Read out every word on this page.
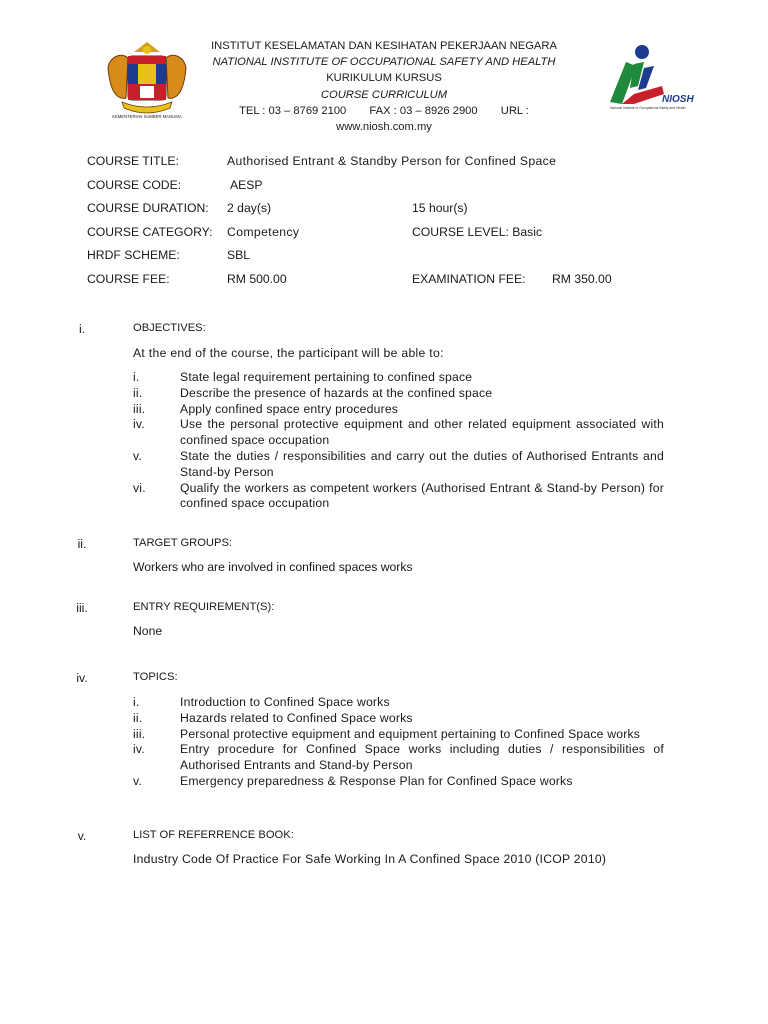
KEMENTERIAN SUMBER MANUSIA
NIOSH
National Institute of Occupational Safety and Health
INSTITUT KESELAMATAN DAN KESIHATAN PEKERJAAN NEGARA
NATIONAL INSTITUTE OF OCCUPATIONAL SAFETY AND HEALTH
KURIKULUM KURSUS
COURSE CURRICULUM
TEL : 03 – 8769 2100 FAX : 03 – 8926 2900 URL :
www.niosh.com.my
COURSE TITLE:	Authorised Entrant & Standby Person for Confined Space
COURSE CODE:	AESP
COURSE DURATION: 2 day(s)	15 hour(s)
COURSE CATEGORY: Competency	COURSE LEVEL: Basic
HRDF SCHEME:	SBL
COURSE FEE:	RM 500.00	EXAMINATION FEE: RM 350.00
i.	OBJECTIVES:
At the end of the course, the participant will be able to:
i.	State legal requirement pertaining to confined space
ii.	Describe the presence of hazards at the confined space
iii.	Apply confined space entry procedures
iv.	Use the personal protective equipment and other related equipment associated with confined space occupation
v.	State the duties / responsibilities and carry out the duties of Authorised Entrants and Stand-by Person
vi.	Qualify the workers as competent workers (Authorised Entrant & Stand-by Person) for confined space occupation
ii.	TARGET GROUPS:
Workers who are involved in confined spaces works
iii.	ENTRY REQUIREMENT(S):
None
iv.	TOPICS:
i.	Introduction to Confined Space works
ii.	Hazards related to Confined Space works
iii.	Personal protective equipment and equipment pertaining to Confined Space works
iv.	Entry procedure for Confined Space works including duties / responsibilities of Authorised Entrants and Stand-by Person
v.	Emergency preparedness & Response Plan for Confined Space works
v.	LIST OF REFERRENCE BOOK:
Industry Code Of Practice For Safe Working In A Confined Space 2010 (ICOP 2010)
